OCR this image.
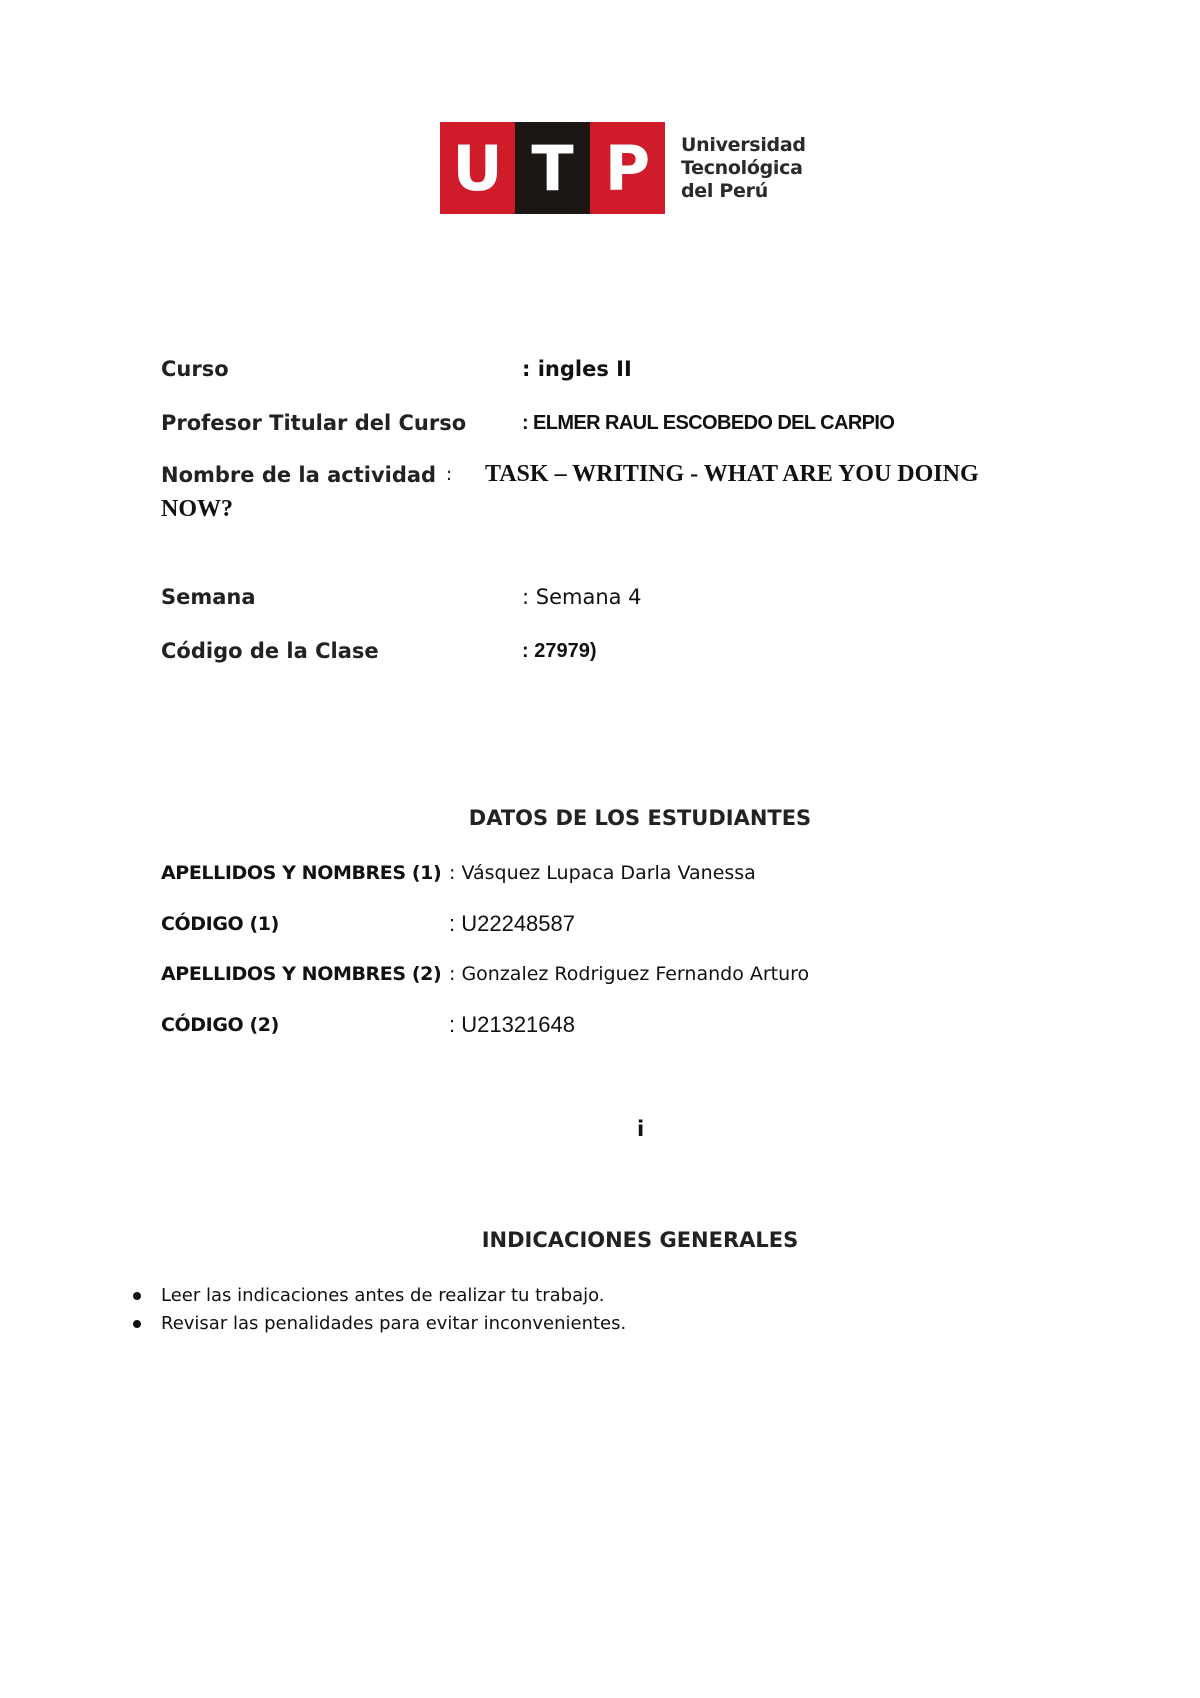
U T P	Universidad
Tecnológica
del Perú
Curso	: ingles II
Profesor Titular del Curso	: ELMER RAUL ESCOBEDO DEL CARPIO
Nombre de la actividad : TASK – WRITING - WHAT ARE YOU DOING
NOW?
Semana	: Semana 4
Código de la Clase	: 27979)
DATOS DE LOS ESTUDIANTES
APELLIDOS Y NOMBRES (1) : Vásquez Lupaca Darla Vanessa
CÓDIGO (1)	: U22248587
APELLIDOS Y NOMBRES (2) : Gonzalez Rodriguez Fernando Arturo
CÓDIGO (2)	: U21321648
i
INDICACIONES GENERALES
Leer las indicaciones antes de realizar tu trabajo.
Revisar las penalidades para evitar inconvenientes.
